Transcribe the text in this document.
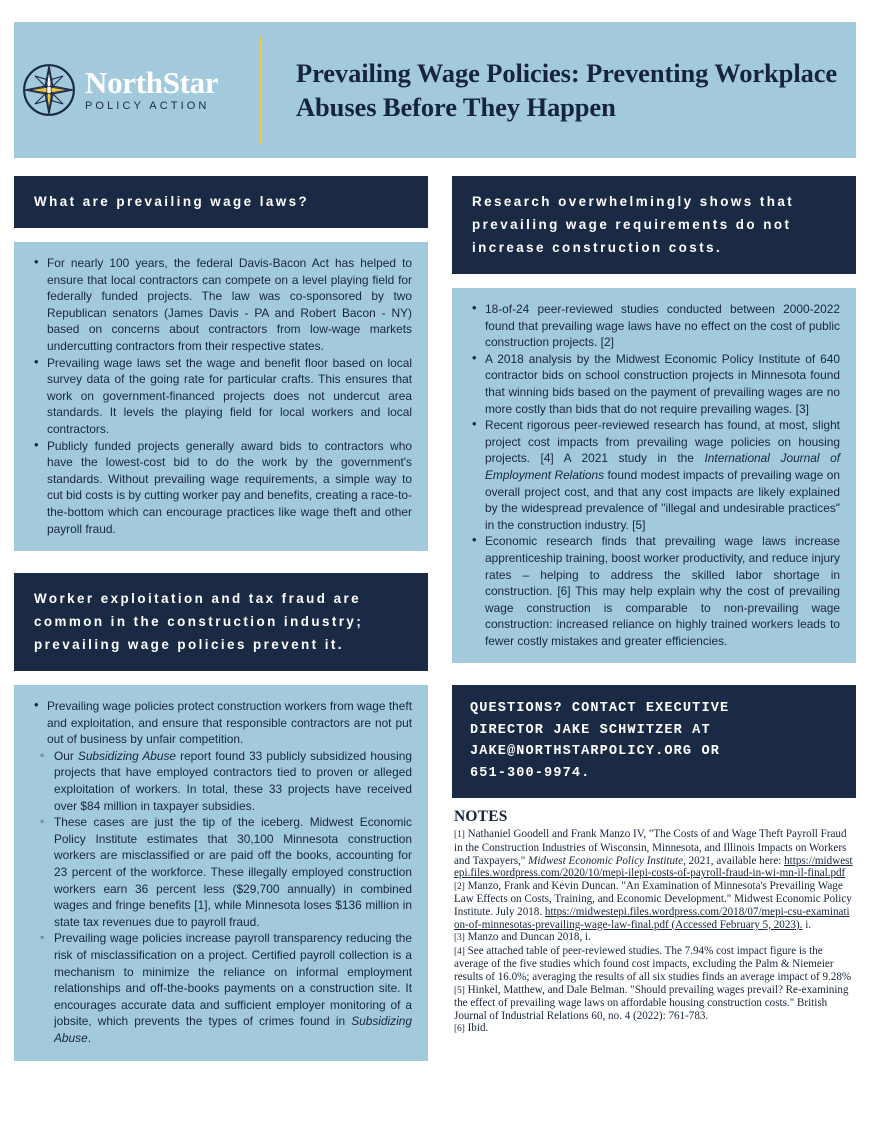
NorthStar
POLICY ACTION
Prevailing Wage Policies: Preventing Workplace Abuses Before They Happen
What are prevailing wage laws?
• For nearly 100 years, the federal Davis-Bacon Act has helped to ensure that local contractors can compete on a level playing field for federally funded projects. The law was co-sponsored by two Republican senators (James Davis - PA and Robert Bacon - NY) based on concerns about contractors from low-wage markets undercutting contractors from their respective states.
• Prevailing wage laws set the wage and benefit floor based on local survey data of the going rate for particular crafts. This ensures that work on government-financed projects does not undercut area standards. It levels the playing field for local workers and local contractors.
• Publicly funded projects generally award bids to contractors who have the lowest-cost bid to do the work by the government's standards. Without prevailing wage requirements, a simple way to cut bid costs is by cutting worker pay and benefits, creating a race-to-the-bottom which can encourage practices like wage theft and other payroll fraud.
Worker exploitation and tax fraud are common in the construction industry; prevailing wage policies prevent it.
• Prevailing wage policies protect construction workers from wage theft and exploitation, and ensure that responsible contractors are not put out of business by unfair competition.
◦ Our Subsidizing Abuse report found 33 publicly subsidized housing projects that have employed contractors tied to proven or alleged exploitation of workers. In total, these 33 projects have received over $84 million in taxpayer subsidies.
◦ These cases are just the tip of the iceberg. Midwest Economic Policy Institute estimates that 30,100 Minnesota construction workers are misclassified or are paid off the books, accounting for 23 percent of the workforce. These illegally employed construction workers earn 36 percent less ($29,700 annually) in combined wages and fringe benefits [1], while Minnesota loses $136 million in state tax revenues due to payroll fraud.
◦ Prevailing wage policies increase payroll transparency reducing the risk of misclassification on a project. Certified payroll collection is a mechanism to minimize the reliance on informal employment relationships and off-the-books payments on a construction site. It encourages accurate data and sufficient employer monitoring of a jobsite, which prevents the types of crimes found in Subsidizing Abuse.
Research overwhelmingly shows that prevailing wage requirements do not increase construction costs.
• 18-of-24 peer-reviewed studies conducted between 2000-2022 found that prevailing wage laws have no effect on the cost of public construction projects. [2]
• A 2018 analysis by the Midwest Economic Policy Institute of 640 contractor bids on school construction projects in Minnesota found that winning bids based on the payment of prevailing wages are no more costly than bids that do not require prevailing wages. [3]
• Recent rigorous peer-reviewed research has found, at most, slight project cost impacts from prevailing wage policies on housing projects. [4] A 2021 study in the International Journal of Employment Relations found modest impacts of prevailing wage on overall project cost, and that any cost impacts are likely explained by the widespread prevalence of "illegal and undesirable practices" in the construction industry. [5]
• Economic research finds that prevailing wage laws increase apprenticeship training, boost worker productivity, and reduce injury rates – helping to address the skilled labor shortage in construction. [6] This may help explain why the cost of prevailing wage construction is comparable to non-prevailing wage construction: increased reliance on highly trained workers leads to fewer costly mistakes and greater efficiencies.
QUESTIONS? CONTACT EXECUTIVE
DIRECTOR JAKE SCHWITZER AT
JAKE@NORTHSTARPOLICY.ORG OR
651-300-9974.
NOTES
[1] Nathaniel Goodell and Frank Manzo IV, "The Costs of and Wage Theft Payroll Fraud in the Construction Industries of Wisconsin, Minnesota, and Illinois Impacts on Workers and Taxpayers," Midwest Economic Policy Institute, 2021, available here: https://midwestepi.files.wordpress.com/2020/10/mepi-ilepi-costs-of-payroll-fraud-in-wi-mn-il-final.pdf
[2] Manzo, Frank and Kevin Duncan. "An Examination of Minnesota's Prevailing Wage Law Effects on Costs, Training, and Economic Development." Midwest Economic Policy Institute. July 2018. https://midwestepi.files.wordpress.com/2018/07/mepi-csu-examination-of-minnesotas-prevailing-wage-law-final.pdf (Accessed February 5, 2023). i.
[3] Manzo and Duncan 2018, i.
[4] See attached table of peer-reviewed studies. The 7.94% cost impact figure is the average of the five studies which found cost impacts, excluding the Palm & Niemeier results of 16.0%; averaging the results of all six studies finds an average impact of 9.28%
[5] Hinkel, Matthew, and Dale Belman. "Should prevailing wages prevail? Re-examining the effect of prevailing wage laws on affordable housing construction costs." British Journal of Industrial Relations 60, no. 4 (2022): 761-783.
[6] Ibid.
